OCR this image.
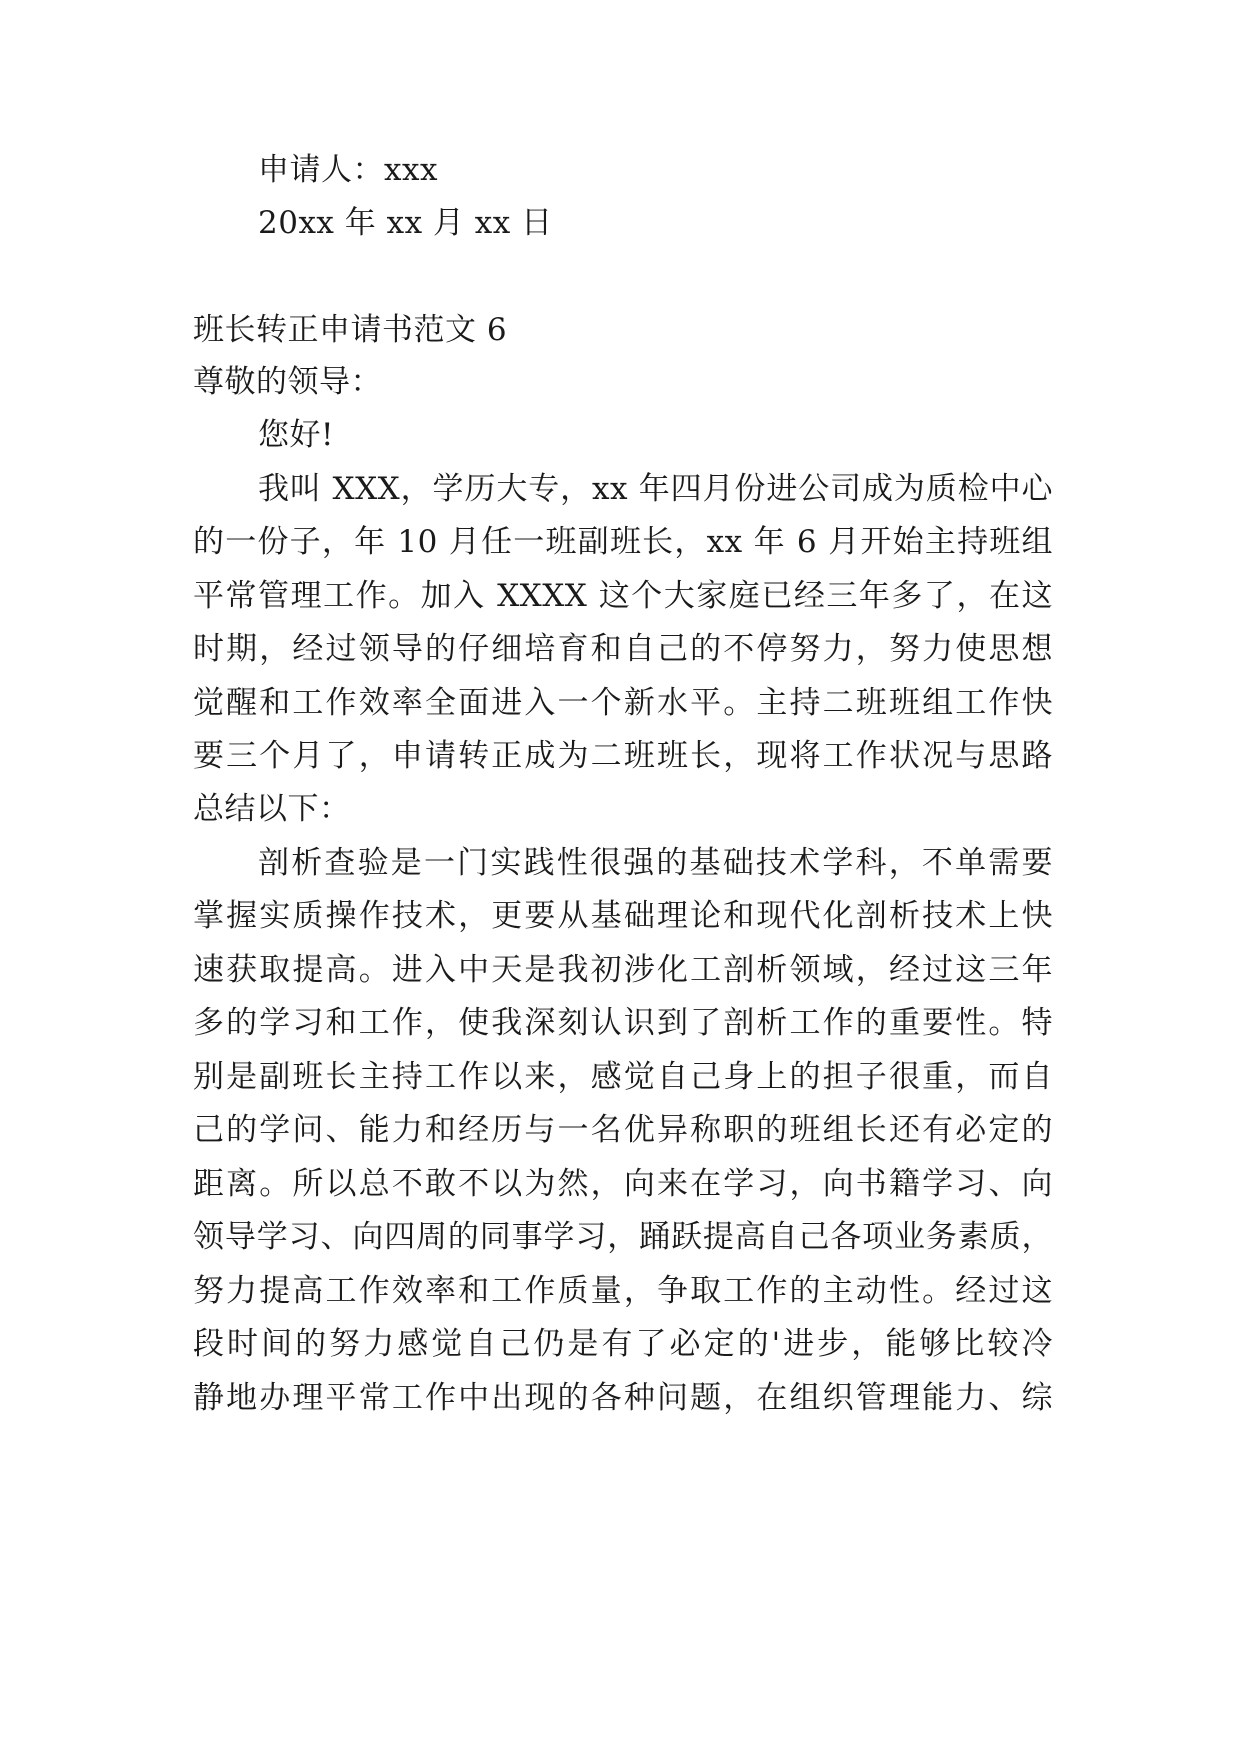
申请人：xxx
20xx 年 xx 月 xx 日
班长转正申请书范文 6
尊敬的领导：
您好!
我叫 XXX，学历大专，xx 年四月份进公司成为质检中心
的一份子，年 10 月任一班副班长，xx 年 6 月开始主持班组
平常管理工作。加入 XXXX 这个大家庭已经三年多了，在这
时期，经过领导的仔细培育和自己的不停努力，努力使思想
觉醒和工作效率全面进入一个新水平。主持二班班组工作快
要三个月了，申请转正成为二班班长，现将工作状况与思路
总结以下：
剖析查验是一门实践性很强的基础技术学科，不单需要
掌握实质操作技术，更要从基础理论和现代化剖析技术上快
速获取提高。进入中天是我初涉化工剖析领域，经过这三年
多的学习和工作，使我深刻认识到了剖析工作的重要性。特
别是副班长主持工作以来，感觉自己身上的担子很重，而自
己的学问、能力和经历与一名优异称职的班组长还有必定的
距离。所以总不敢不以为然，向来在学习，向书籍学习、向
领导学习、向四周的同事学习，踊跃提高自己各项业务素质，
努力提高工作效率和工作质量，争取工作的主动性。经过这
段时间的努力感觉自己仍是有了必定的'进步，能够比较冷
静地办理平常工作中出现的各种问题，在组织管理能力、综
